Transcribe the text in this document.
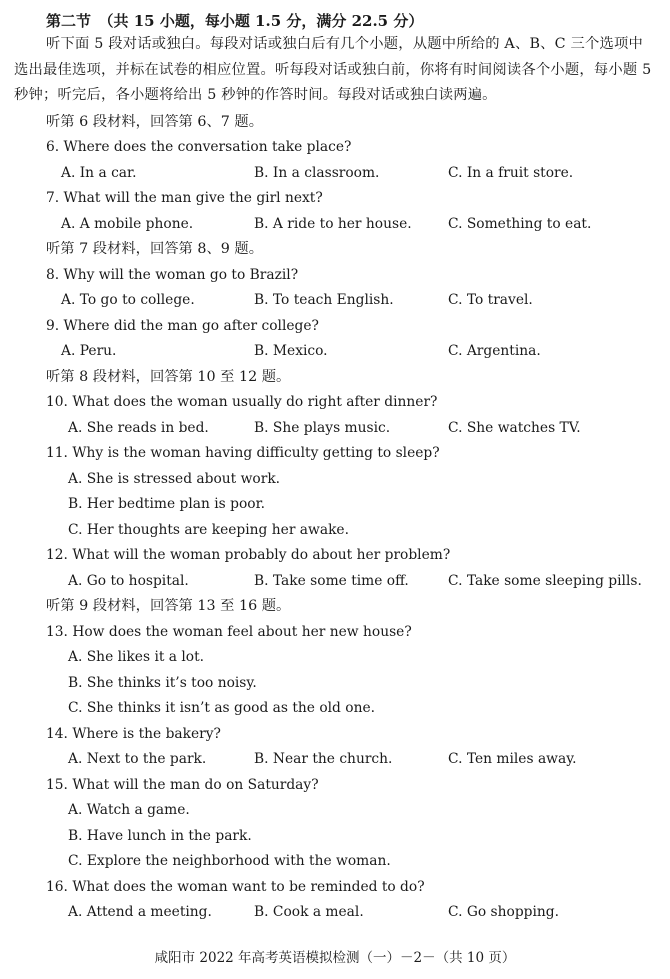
第二节　（共 15 小题，每小题 1.5 分，满分 22.5 分）

听下面 5 段对话或独白。每段对话或独白后有几个小题，从题中所给的 A、B、C 三个选项中选出最佳选项，并标在试卷的相应位置。听每段对话或独白前，你将有时间阅读各个小题，每小题 5 秒钟；听完后，各小题将给出 5 秒钟的作答时间。每段对话或独白读两遍。

听第 6 段材料，回答第 6、7 题。
6. Where does the conversation take place?
A. In a car.	B. In a classroom.	C. In a fruit store.
7. What will the man give the girl next?
A. A mobile phone.	B. A ride to her house.	C. Something to eat.
听第 7 段材料，回答第 8、9 题。
8. Why will the woman go to Brazil?
A. To go to college.	B. To teach English.	C. To travel.
9. Where did the man go after college?
A. Peru.	B. Mexico.	C. Argentina.
听第 8 段材料，回答第 10 至 12 题。
10. What does the woman usually do right after dinner?
A. She reads in bed.	B. She plays music.	C. She watches TV.
11. Why is the woman having difficulty getting to sleep?
A. She is stressed about work.
B. Her bedtime plan is poor.
C. Her thoughts are keeping her awake.
12. What will the woman probably do about her problem?
A. Go to hospital.	B. Take some time off.	C. Take some sleeping pills.
听第 9 段材料，回答第 13 至 16 题。
13. How does the woman feel about her new house?
A. She likes it a lot.
B. She thinks it’s too noisy.
C. She thinks it isn’t as good as the old one.
14. Where is the bakery?
A. Next to the park.	B. Near the church.	C. Ten miles away.
15. What will the man do on Saturday?
A. Watch a game.
B. Have lunch in the park.
C. Explore the neighborhood with the woman.
16. What does the woman want to be reminded to do?
A. Attend a meeting.	B. Cook a meal.	C. Go shopping.
咸阳市 2022 年高考英语模拟检测（一）－2－（共 10 页）
